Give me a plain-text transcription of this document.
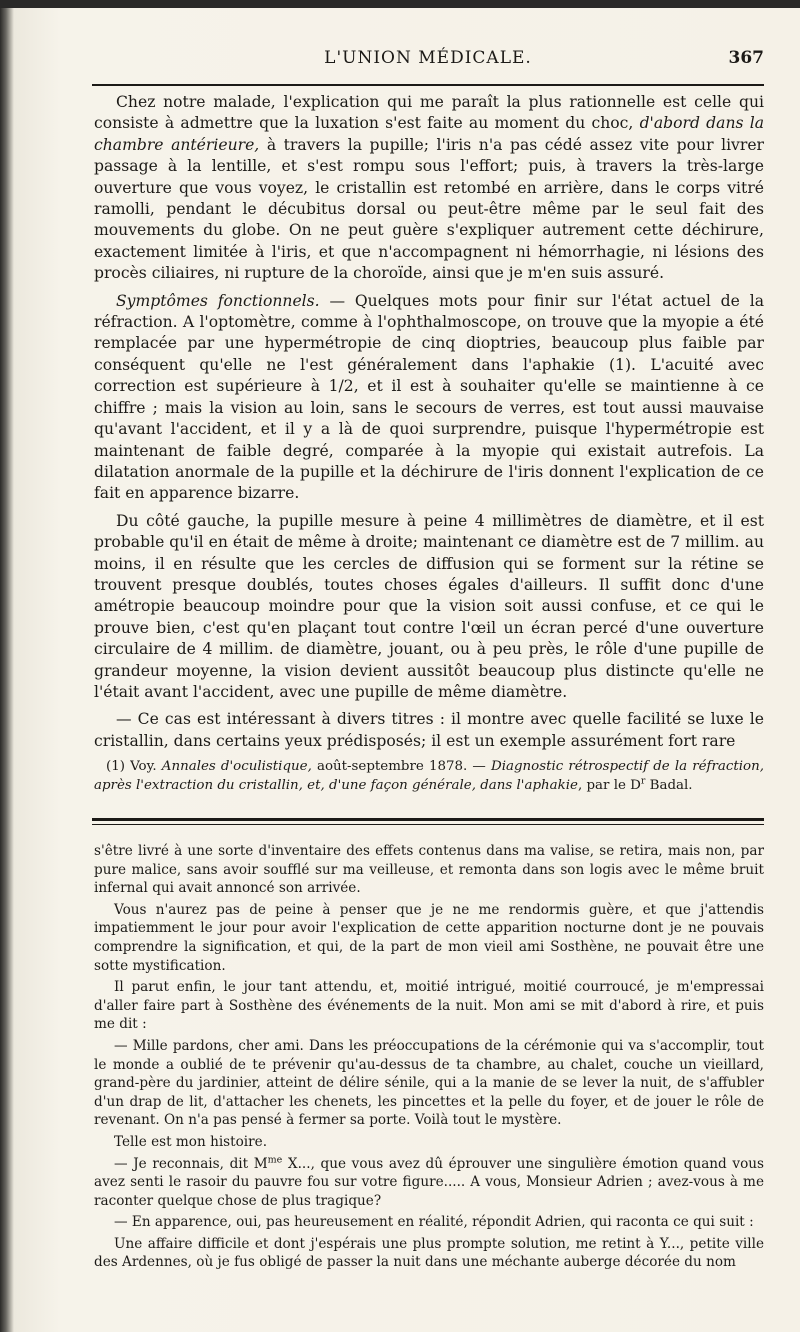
L'UNION MÉDICALE.	367

Chez notre malade, l'explication qui me paraît la plus rationnelle est celle qui consiste à admettre que la luxation s'est faite au moment du choc, d'abord dans la chambre antérieure, à travers la pupille; l'iris n'a pas cédé assez vite pour livrer passage à la lentille, et s'est rompu sous l'effort; puis, à travers la très-large ouverture que vous voyez, le cristallin est retombé en arrière, dans le corps vitré ramolli, pendant le décubitus dorsal ou peut-être même par le seul fait des mouvements du globe. On ne peut guère s'expliquer autrement cette déchirure, exactement limitée à l'iris, et que n'accompagnent ni hémorrhagie, ni lésions des procès ciliaires, ni rupture de la choroïde, ainsi que je m'en suis assuré.

Symptômes fonctionnels. — Quelques mots pour finir sur l'état actuel de la réfraction. A l'optomètre, comme à l'ophthalmoscope, on trouve que la myopie a été remplacée par une hypermétropie de cinq dioptries, beaucoup plus faible par conséquent qu'elle ne l'est généralement dans l'aphakie (1). L'acuité avec correction est supérieure à 1/2, et il est à souhaiter qu'elle se maintienne à ce chiffre ; mais la vision au loin, sans le secours de verres, est tout aussi mauvaise qu'avant l'accident, et il y a là de quoi surprendre, puisque l'hypermétropie est maintenant de faible degré, comparée à la myopie qui existait autrefois. La dilatation anormale de la pupille et la déchirure de l'iris donnent l'explication de ce fait en apparence bizarre.

Du côté gauche, la pupille mesure à peine 4 millimètres de diamètre, et il est probable qu'il en était de même à droite; maintenant ce diamètre est de 7 millim. au moins, il en résulte que les cercles de diffusion qui se forment sur la rétine se trouvent presque doublés, toutes choses égales d'ailleurs. Il suffit donc d'une amétropie beaucoup moindre pour que la vision soit aussi confuse, et ce qui le prouve bien, c'est qu'en plaçant tout contre l'œil un écran percé d'une ouverture circulaire de 4 millim. de diamètre, jouant, ou à peu près, le rôle d'une pupille de grandeur moyenne, la vision devient aussitôt beaucoup plus distincte qu'elle ne l'était avant l'accident, avec une pupille de même diamètre.

— Ce cas est intéressant à divers titres : il montre avec quelle facilité se luxe le cristallin, dans certains yeux prédisposés; il est un exemple assurément fort rare

(1) Voy. Annales d'oculistique, août-septembre 1878. — Diagnostic rétrospectif de la réfraction, après l'extraction du cristallin, et, d'une façon générale, dans l'aphakie, par le $D^r$ Badal.

s'être livré à une sorte d'inventaire des effets contenus dans ma valise, se retira, mais non, par pure malice, sans avoir soufflé sur ma veilleuse, et remonta dans son logis avec le même bruit infernal qui avait annoncé son arrivée.

Vous n'aurez pas de peine à penser que je ne me rendormis guère, et que j'attendis impatiemment le jour pour avoir l'explication de cette apparition nocturne dont je ne pouvais comprendre la signification, et qui, de la part de mon vieil ami Sosthène, ne pouvait être une sotte mystification.

Il parut enfin, le jour tant attendu, et, moitié intrigué, moitié courroucé, je m'empressai d'aller faire part à Sosthène des événements de la nuit. Mon ami se mit d'abord à rire, et puis me dit :

— Mille pardons, cher ami. Dans les préoccupations de la cérémonie qui va s'accomplir, tout le monde a oublié de te prévenir qu'au-dessus de ta chambre, au chalet, couche un vieillard, grand-père du jardinier, atteint de délire sénile, qui a la manie de se lever la nuit, de s'affubler d'un drap de lit, d'attacher les chenets, les pincettes et la pelle du foyer, et de jouer le rôle de revenant. On n'a pas pensé à fermer sa porte. Voilà tout le mystère.

Telle est mon histoire.

— Je reconnais, dit $M^{me}$ X..., que vous avez dû éprouver une singulière émotion quand vous avez senti le rasoir du pauvre fou sur votre figure..... A vous, Monsieur Adrien ; avez-vous à me raconter quelque chose de plus tragique?

— En apparence, oui, pas heureusement en réalité, répondit Adrien, qui raconta ce qui suit :

Une affaire difficile et dont j'espérais une plus prompte solution, me retint à Y..., petite ville des Ardennes, où je fus obligé de passer la nuit dans une méchante auberge décorée du nom
